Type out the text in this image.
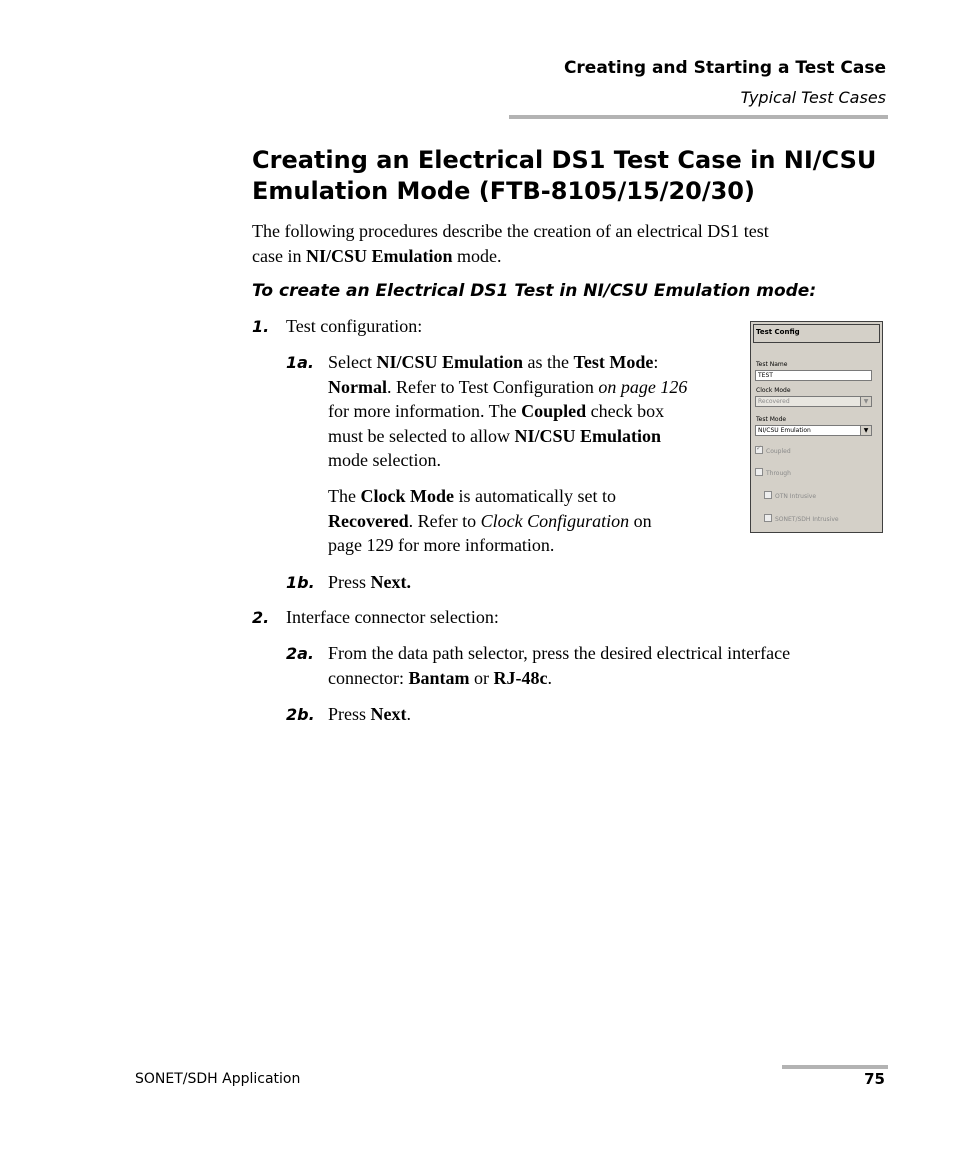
Creating and Starting a Test Case
Typical Test Cases
Creating an Electrical DS1 Test Case in NI/CSU
Emulation Mode (FTB-8105/15/20/30)
The following procedures describe the creation of an electrical DS1 test
case in NI/CSU Emulation mode.
To create an Electrical DS1 Test in NI/CSU Emulation mode:
1. Test configuration:
1a. Select NI/CSU Emulation as the Test Mode:
Normal. Refer to Test Configuration on page 126
for more information. The Coupled check box
must be selected to allow NI/CSU Emulation
mode selection.
The Clock Mode is automatically set to
Recovered. Refer to Clock Configuration on
page 129 for more information.
1b. Press Next.
2. Interface connector selection:
2a. From the data path selector, press the desired electrical interface
connector: Bantam or RJ-48c.
2b. Press Next.
Test Config
Test Name
TEST
Clock Mode
Recovered	▼
Test Mode
NI/CSU Emulation	▼
✓Coupled
Through
OTN Intrusive
SONET/SDH Intrusive
SONET/SDH Application	75
